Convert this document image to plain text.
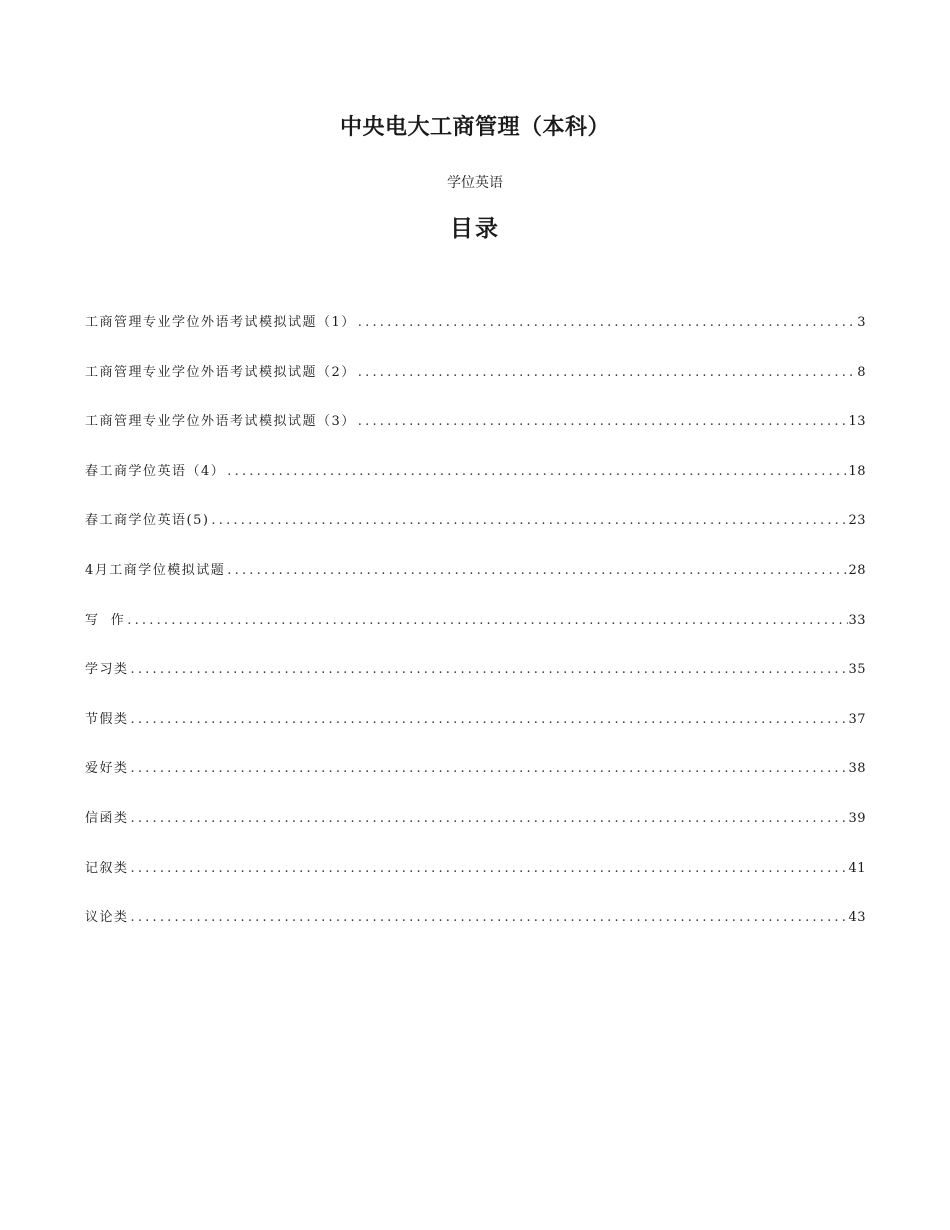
中央电大工商管理（本科）
学位英语
目录
工商管理专业学位外语考试模拟试题（1） .....	3
工商管理专业学位外语考试模拟试题（2） .....	8
工商管理专业学位外语考试模拟试题（3） .....	13
春工商学位英语（4） .....	18
春工商学位英语(5) .....	23
4月工商学位模拟试题 .....	28
写  作 .....	33
学习类 .....	35
节假类 .....	37
爱好类 .....	38
信函类 .....	39
记叙类 .....	41
议论类 .....	43
